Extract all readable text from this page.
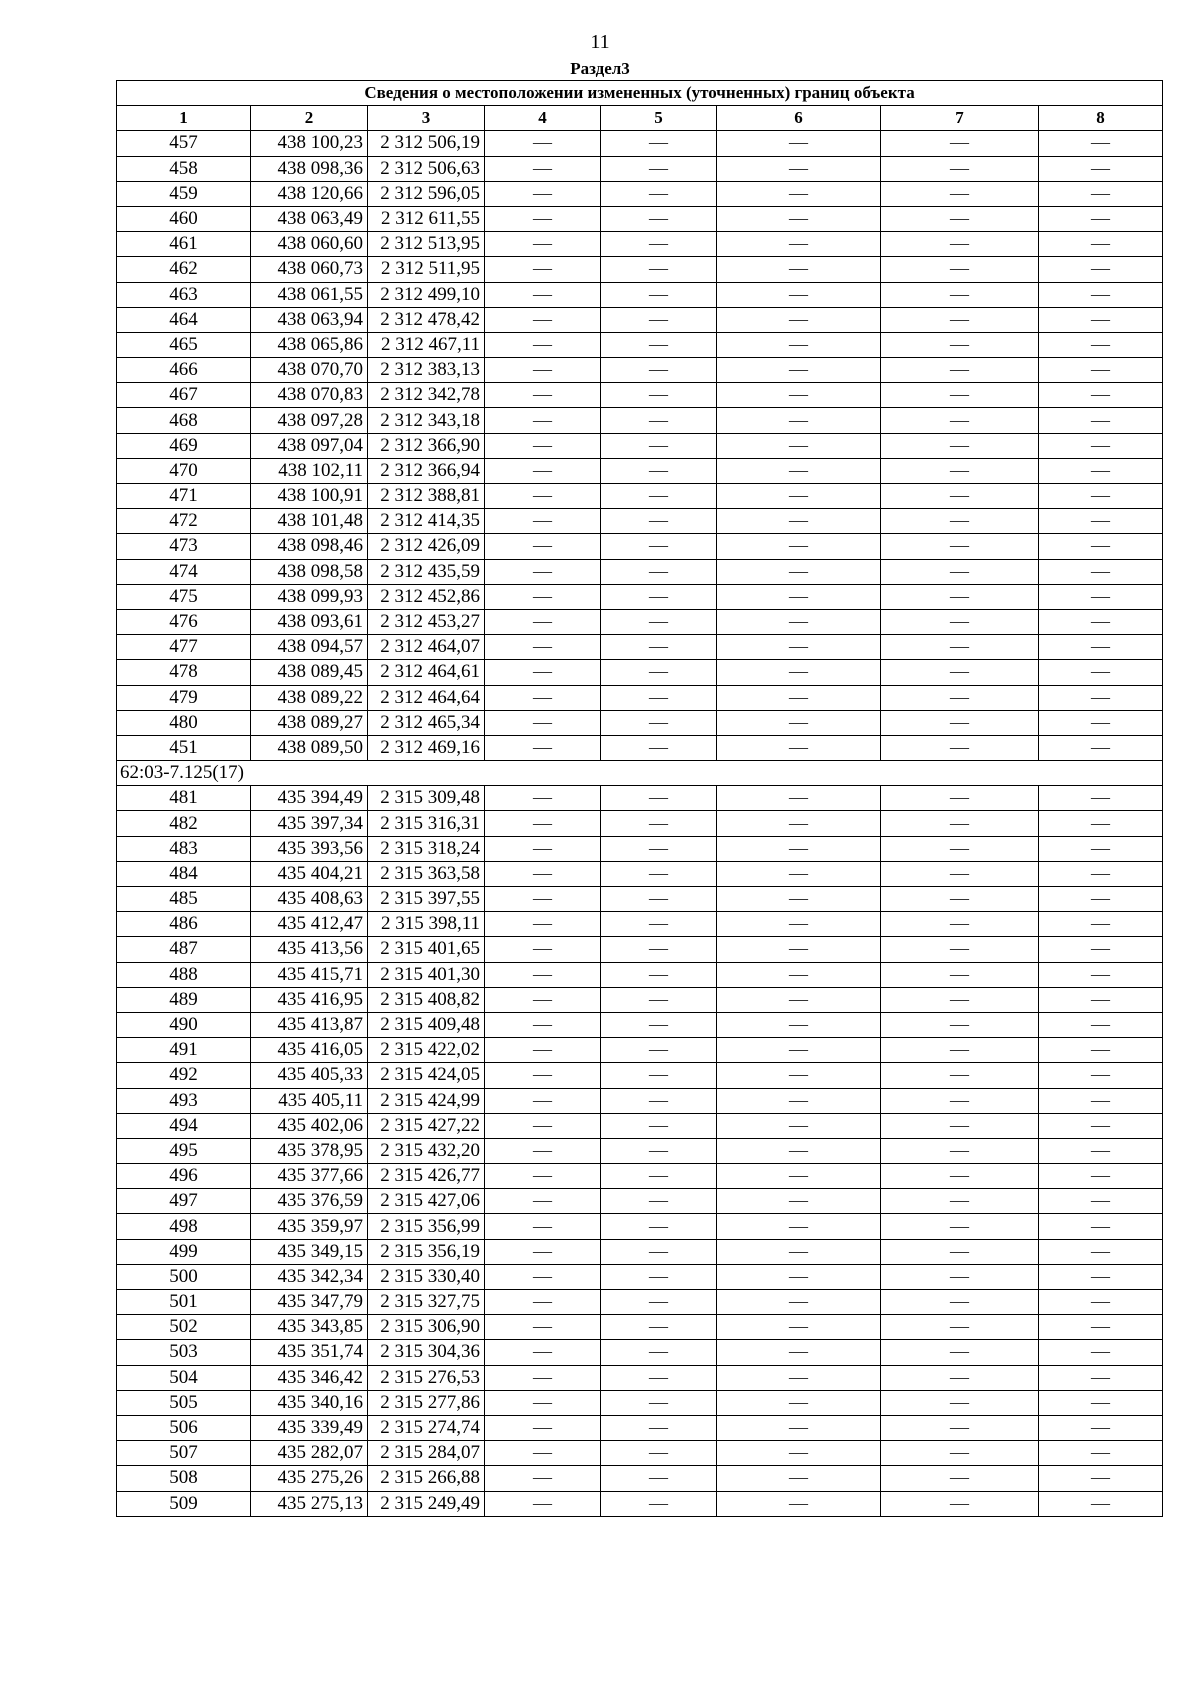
11
Раздел3
Сведения о местоположении измененных (уточненных) границ объекта							
1	2	3	4	5	6	7	8
457	438 100,23	2 312 506,19	—	—	—	—	—
458	438 098,36	2 312 506,63	—	—	—	—	—
459	438 120,66	2 312 596,05	—	—	—	—	—
460	438 063,49	2 312 611,55	—	—	—	—	—
461	438 060,60	2 312 513,95	—	—	—	—	—
462	438 060,73	2 312 511,95	—	—	—	—	—
463	438 061,55	2 312 499,10	—	—	—	—	—
464	438 063,94	2 312 478,42	—	—	—	—	—
465	438 065,86	2 312 467,11	—	—	—	—	—
466	438 070,70	2 312 383,13	—	—	—	—	—
467	438 070,83	2 312 342,78	—	—	—	—	—
468	438 097,28	2 312 343,18	—	—	—	—	—
469	438 097,04	2 312 366,90	—	—	—	—	—
470	438 102,11	2 312 366,94	—	—	—	—	—
471	438 100,91	2 312 388,81	—	—	—	—	—
472	438 101,48	2 312 414,35	—	—	—	—	—
473	438 098,46	2 312 426,09	—	—	—	—	—
474	438 098,58	2 312 435,59	—	—	—	—	—
475	438 099,93	2 312 452,86	—	—	—	—	—
476	438 093,61	2 312 453,27	—	—	—	—	—
477	438 094,57	2 312 464,07	—	—	—	—	—
478	438 089,45	2 312 464,61	—	—	—	—	—
479	438 089,22	2 312 464,64	—	—	—	—	—
480	438 089,27	2 312 465,34	—	—	—	—	—
451	438 089,50	2 312 469,16	—	—	—	—	—
62:03-7.125(17)							
481	435 394,49	2 315 309,48	—	—	—	—	—
482	435 397,34	2 315 316,31	—	—	—	—	—
483	435 393,56	2 315 318,24	—	—	—	—	—
484	435 404,21	2 315 363,58	—	—	—	—	—
485	435 408,63	2 315 397,55	—	—	—	—	—
486	435 412,47	2 315 398,11	—	—	—	—	—
487	435 413,56	2 315 401,65	—	—	—	—	—
488	435 415,71	2 315 401,30	—	—	—	—	—
489	435 416,95	2 315 408,82	—	—	—	—	—
490	435 413,87	2 315 409,48	—	—	—	—	—
491	435 416,05	2 315 422,02	—	—	—	—	—
492	435 405,33	2 315 424,05	—	—	—	—	—
493	435 405,11	2 315 424,99	—	—	—	—	—
494	435 402,06	2 315 427,22	—	—	—	—	—
495	435 378,95	2 315 432,20	—	—	—	—	—
496	435 377,66	2 315 426,77	—	—	—	—	—
497	435 376,59	2 315 427,06	—	—	—	—	—
498	435 359,97	2 315 356,99	—	—	—	—	—
499	435 349,15	2 315 356,19	—	—	—	—	—
500	435 342,34	2 315 330,40	—	—	—	—	—
501	435 347,79	2 315 327,75	—	—	—	—	—
502	435 343,85	2 315 306,90	—	—	—	—	—
503	435 351,74	2 315 304,36	—	—	—	—	—
504	435 346,42	2 315 276,53	—	—	—	—	—
505	435 340,16	2 315 277,86	—	—	—	—	—
506	435 339,49	2 315 274,74	—	—	—	—	—
507	435 282,07	2 315 284,07	—	—	—	—	—
508	435 275,26	2 315 266,88	—	—	—	—	—
509	435 275,13	2 315 249,49	—	—	—	—	—
